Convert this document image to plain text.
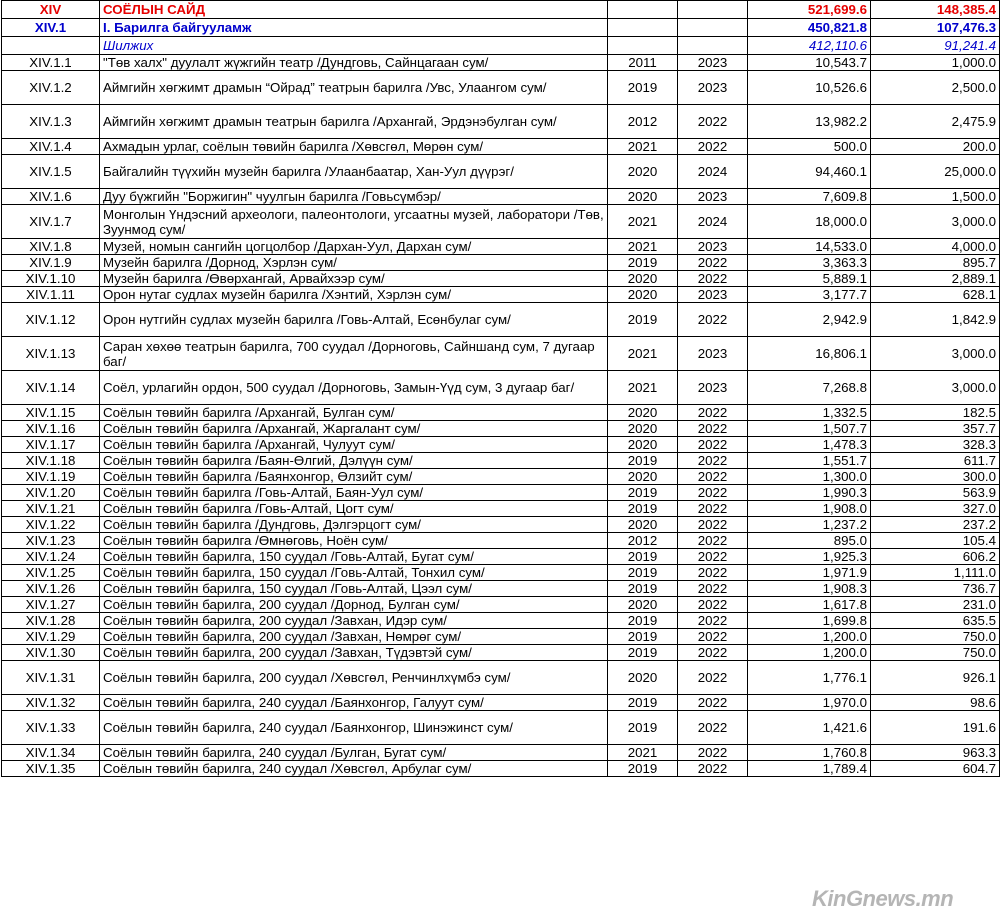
XIV	СОЁЛЫН САЙД			521,699.6	148,385.4
XIV.1	I. Барилга байгууламж			450,821.8	107,476.3
	Шилжих			412,110.6	91,241.4
XIV.1.1	"Төв халх" дуулалт жүжгийн театр /Дундговь, Сайнцагаан сум/	2011	2023	10,543.7	1,000.0
XIV.1.2	Аймгийн хөгжимт драмын “Ойрад” театрын барилга /Увс, Улаангом сум/	2019	2023	10,526.6	2,500.0
XIV.1.3	Аймгийн хөгжимт драмын театрын барилга /Архангай, Эрдэнэбулган сум/	2012	2022	13,982.2	2,475.9
XIV.1.4	Ахмадын урлаг, соёлын төвийн барилга /Хөвсгөл, Мөрөн сум/	2021	2022	500.0	200.0
XIV.1.5	Байгалийн түүхийн музейн барилга /Улаанбаатар, Хан-Уул дүүрэг/	2020	2024	94,460.1	25,000.0
XIV.1.6	Дуу бүжгийн "Боржигин" чуулгын барилга /Говьсүмбэр/	2020	2023	7,609.8	1,500.0
XIV.1.7	Монголын Үндэсний археологи, палеонтологи, угсаатны музей, лаборатори /Төв, Зуунмод сум/	2021	2024	18,000.0	3,000.0
XIV.1.8	Музей, номын сангийн цогцолбор /Дархан-Уул, Дархан сум/	2021	2023	14,533.0	4,000.0
XIV.1.9	Музейн барилга /Дорнод, Хэрлэн сум/	2019	2022	3,363.3	895.7
XIV.1.10	Музейн барилга /Өвөрхангай, Арвайхээр сум/	2020	2022	5,889.1	2,889.1
XIV.1.11	Орон нутаг судлах музейн барилга /Хэнтий, Хэрлэн сум/	2020	2023	3,177.7	628.1
XIV.1.12	Орон нутгийн судлах музейн барилга /Говь-Алтай, Есөнбулаг сум/	2019	2022	2,942.9	1,842.9
XIV.1.13	Саран хөхөө театрын барилга, 700 суудал /Дорноговь, Сайншанд сум, 7 дугаар баг/	2021	2023	16,806.1	3,000.0
XIV.1.14	Соёл, урлагийн ордон, 500 суудал /Дорноговь, Замын-Үүд сум, 3 дугаар баг/	2021	2023	7,268.8	3,000.0
XIV.1.15	Соёлын төвийн барилга /Архангай, Булган сум/	2020	2022	1,332.5	182.5
XIV.1.16	Соёлын төвийн барилга /Архангай, Жаргалант сум/	2020	2022	1,507.7	357.7
XIV.1.17	Соёлын төвийн барилга /Архангай, Чулуут сум/	2020	2022	1,478.3	328.3
XIV.1.18	Соёлын төвийн барилга /Баян-Өлгий, Дэлүүн сум/	2019	2022	1,551.7	611.7
XIV.1.19	Соёлын төвийн барилга /Баянхонгор, Өлзийт сум/	2020	2022	1,300.0	300.0
XIV.1.20	Соёлын төвийн барилга /Говь-Алтай, Баян-Уул сум/	2019	2022	1,990.3	563.9
XIV.1.21	Соёлын төвийн барилга /Говь-Алтай, Цогт сум/	2019	2022	1,908.0	327.0
XIV.1.22	Соёлын төвийн барилга /Дундговь, Дэлгэрцогт сум/	2020	2022	1,237.2	237.2
XIV.1.23	Соёлын төвийн барилга /Өмнөговь, Ноён сум/	2012	2022	895.0	105.4
XIV.1.24	Соёлын төвийн барилга, 150 суудал /Говь-Алтай, Бугат сум/	2019	2022	1,925.3	606.2
XIV.1.25	Соёлын төвийн барилга, 150 суудал /Говь-Алтай, Тонхил сум/	2019	2022	1,971.9	1,111.0
XIV.1.26	Соёлын төвийн барилга, 150 суудал /Говь-Алтай, Цээл сум/	2019	2022	1,908.3	736.7
XIV.1.27	Соёлын төвийн барилга, 200 суудал /Дорнод, Булган сум/	2020	2022	1,617.8	231.0
XIV.1.28	Соёлын төвийн барилга, 200 суудал /Завхан, Идэр сум/	2019	2022	1,699.8	635.5
XIV.1.29	Соёлын төвийн барилга, 200 суудал /Завхан, Нөмрөг сум/	2019	2022	1,200.0	750.0
XIV.1.30	Соёлын төвийн барилга, 200 суудал /Завхан, Түдэвтэй сум/	2019	2022	1,200.0	750.0
XIV.1.31	Соёлын төвийн барилга, 200 суудал /Хөвсгөл, Ренчинлхүмбэ сум/	2020	2022	1,776.1	926.1
XIV.1.32	Соёлын төвийн барилга, 240 суудал /Баянхонгор, Галуут сум/	2019	2022	1,970.0	98.6
XIV.1.33	Соёлын төвийн барилга, 240 суудал /Баянхонгор, Шинэжинст сум/	2019	2022	1,421.6	191.6
XIV.1.34	Соёлын төвийн барилга, 240 суудал /Булган, Бугат сум/	2021	2022	1,760.8	963.3
XIV.1.35	Соёлын төвийн барилга, 240 суудал /Хөвсгөл, Арбулаг сум/	2019	2022	1,789.4	604.7
KinGnews.mn
